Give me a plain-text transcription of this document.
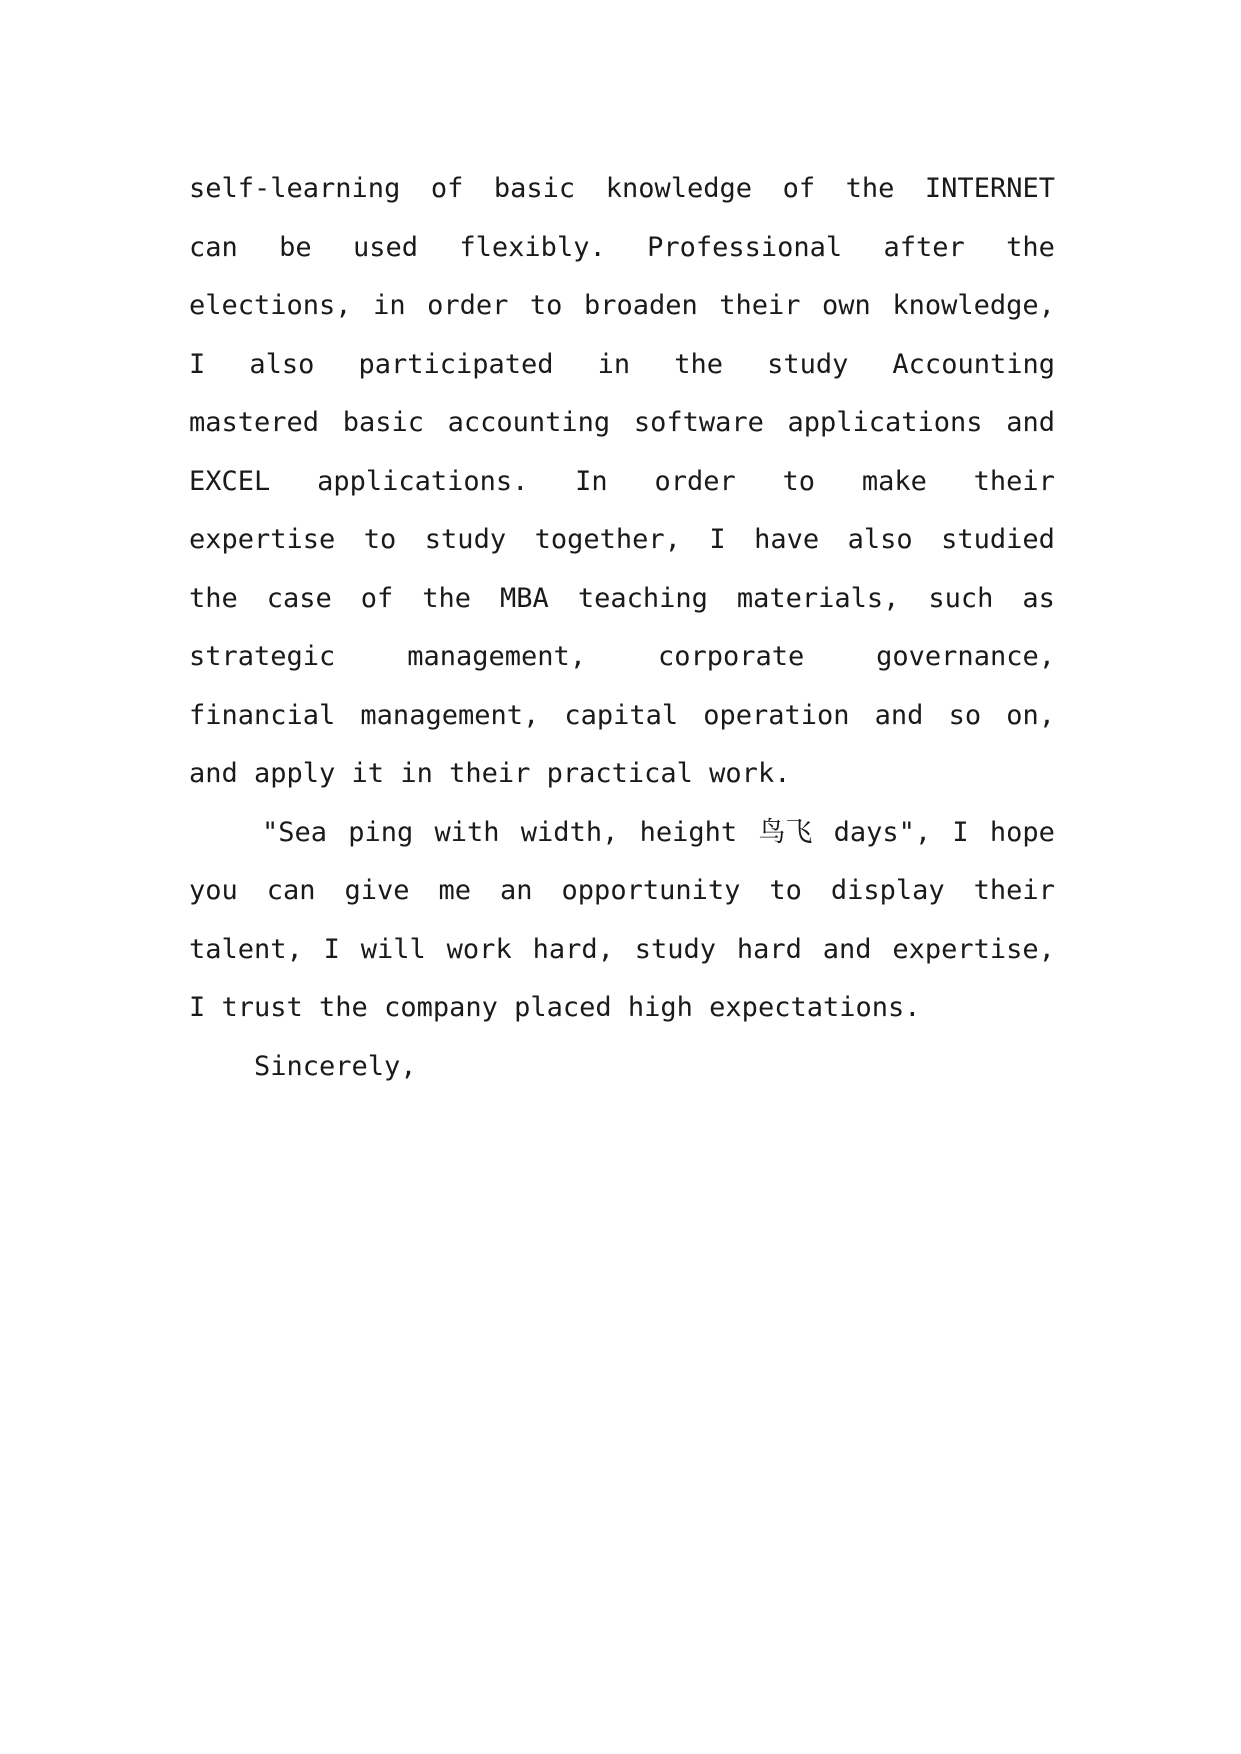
self-learning of basic knowledge of the INTERNET
can be used flexibly. Professional after the
elections, in order to broaden their own knowledge,
I also participated in the study Accounting
mastered basic accounting software applications and
EXCEL applications. In order to make their
expertise to study together, I have also studied
the case of the MBA teaching materials, such as
strategic	management,	corporate	governance,
financial management, capital operation and so on,
and apply it in their practical work.
"Sea ping with width, height 鸟飞 days", I hope
you can give me an opportunity to display their
talent, I will work hard, study hard and expertise,
I trust the company placed high expectations.
Sincerely,
